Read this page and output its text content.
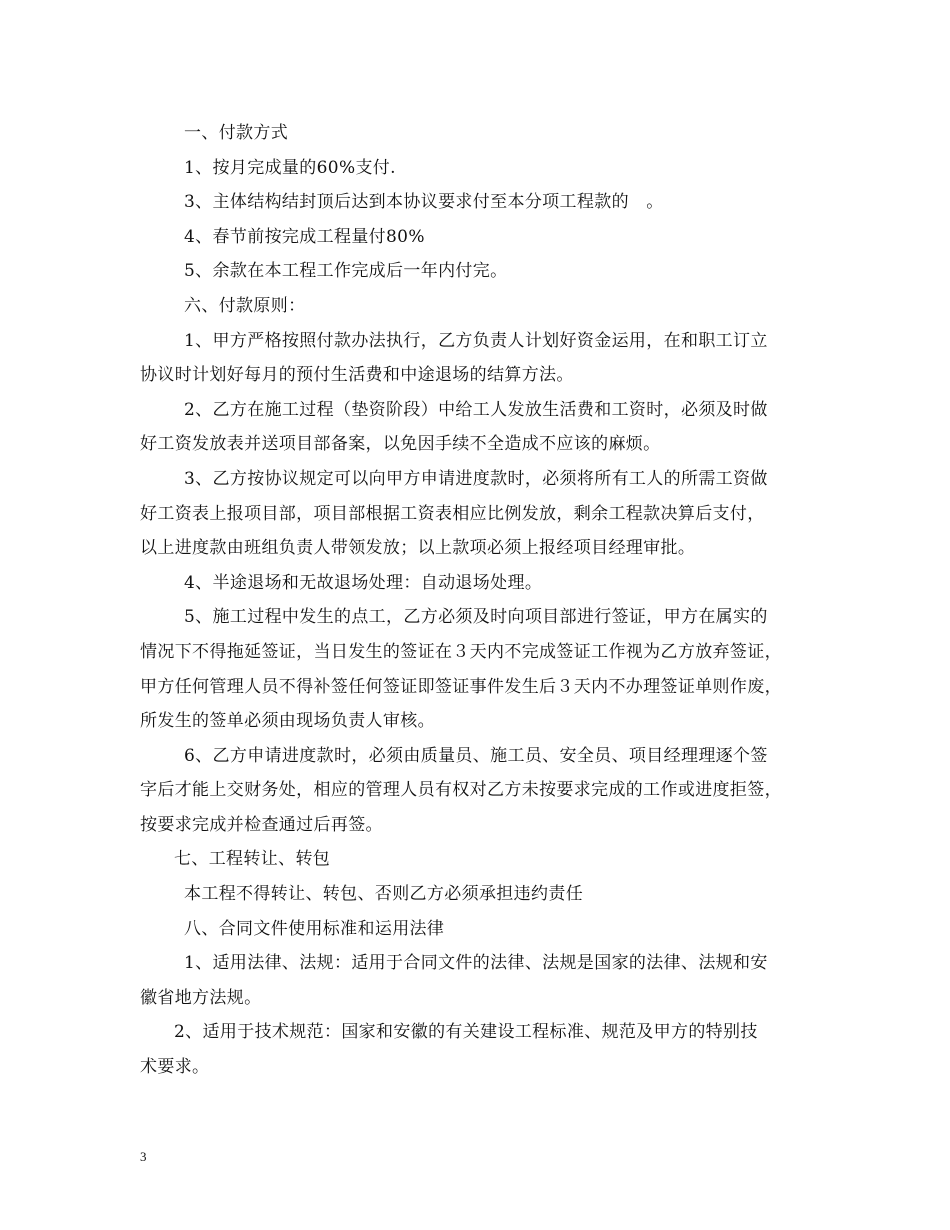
一、付款方式
1、按月完成量的60%支付.
3、主体结构结封顶后达到本协议要求付至本分项工程款的　。
4、春节前按完成工程量付80%
5、余款在本工程工作完成后一年内付完。
六、付款原则：
1、甲方严格按照付款办法执行，乙方负责人计划好资金运用，在和职工订立
协议时计划好每月的预付生活费和中途退场的结算方法。
2、乙方在施工过程（垫资阶段）中给工人发放生活费和工资时，必须及时做
好工资发放表并送项目部备案，以免因手续不全造成不应该的麻烦。
3、乙方按协议规定可以向甲方申请进度款时，必须将所有工人的所需工资做
好工资表上报项目部，项目部根据工资表相应比例发放，剩余工程款决算后支付，
以上进度款由班组负责人带领发放；以上款项必须上报经项目经理审批。
4、半途退场和无故退场处理：自动退场处理。
5、施工过程中发生的点工，乙方必须及时向项目部进行签证，甲方在属实的
情况下不得拖延签证，当日发生的签证在３天内不完成签证工作视为乙方放弃签证，
甲方任何管理人员不得补签任何签证即签证事件发生后３天内不办理签证单则作废，
所发生的签单必须由现场负责人审核。
6、乙方申请进度款时，必须由质量员、施工员、安全员、项目经理理逐个签
字后才能上交财务处，相应的管理人员有权对乙方未按要求完成的工作或进度拒签，
按要求完成并检查通过后再签。
七、工程转让、转包
本工程不得转让、转包、否则乙方必须承担违约责任
八、合同文件使用标准和运用法律
1、适用法律、法规：适用于合同文件的法律、法规是国家的法律、法规和安
徽省地方法规。
2、适用于技术规范：国家和安徽的有关建设工程标准、规范及甲方的特别技
术要求。
3
